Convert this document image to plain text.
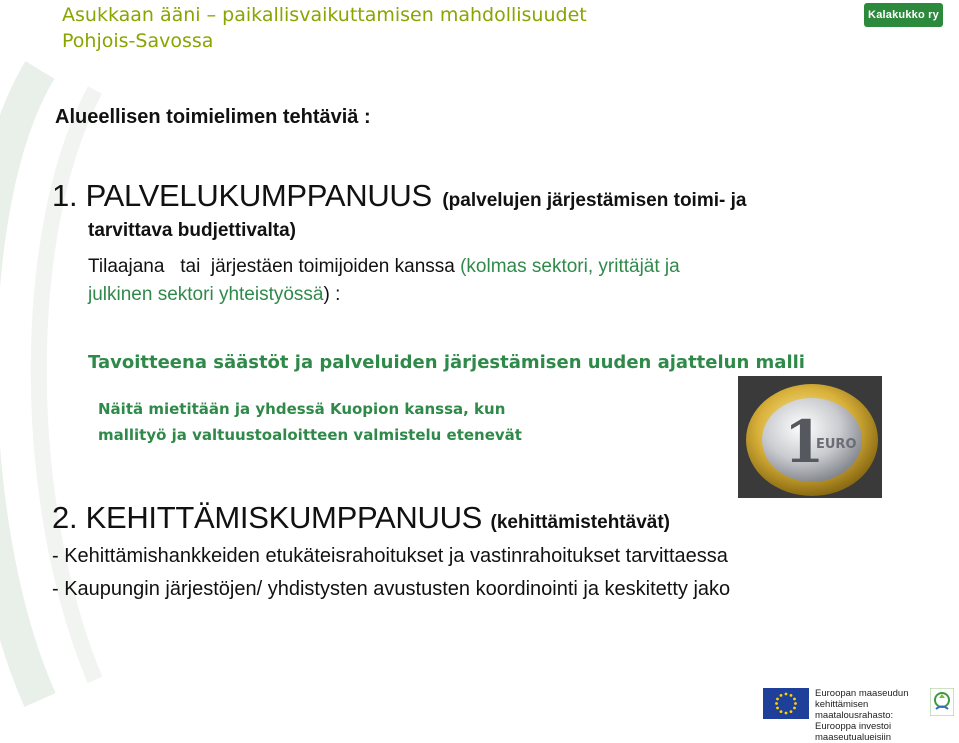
Asukkaan ääni – paikallisvaikuttamisen mahdollisuudet
Pohjois-Savossa
Kalakukko ry
Alueellisen toimielimen tehtäviä :
1. PALVELUKUMPPANUUS (palvelujen järjestämisen toimi- ja
tarvittava budjettivalta)
Tilaajana   tai  järjestäen toimijoiden kanssa (kolmas sektori, yrittäjät ja
julkinen sektori yhteistyössä) :
Tavoitteena säästöt ja palveluiden järjestämisen uuden ajattelun malli
Näitä mietitään ja yhdessä Kuopion kanssa, kun
mallityö ja valtuustoaloitteen valmistelu etenevät	1
EURO
2. KEHITTÄMISKUMPPANUUS (kehittämistehtävät)
- Kehittämishankkeiden etukäteisrahoitukset ja vastinrahoitukset tarvittaessa
- Kaupungin järjestöjen/ yhdistysten avustusten koordinointi ja keskitetty jako
Euroopan maaseudun
kehittämisen maatalousrahasto:
Eurooppa investoi maaseutualueisiin
